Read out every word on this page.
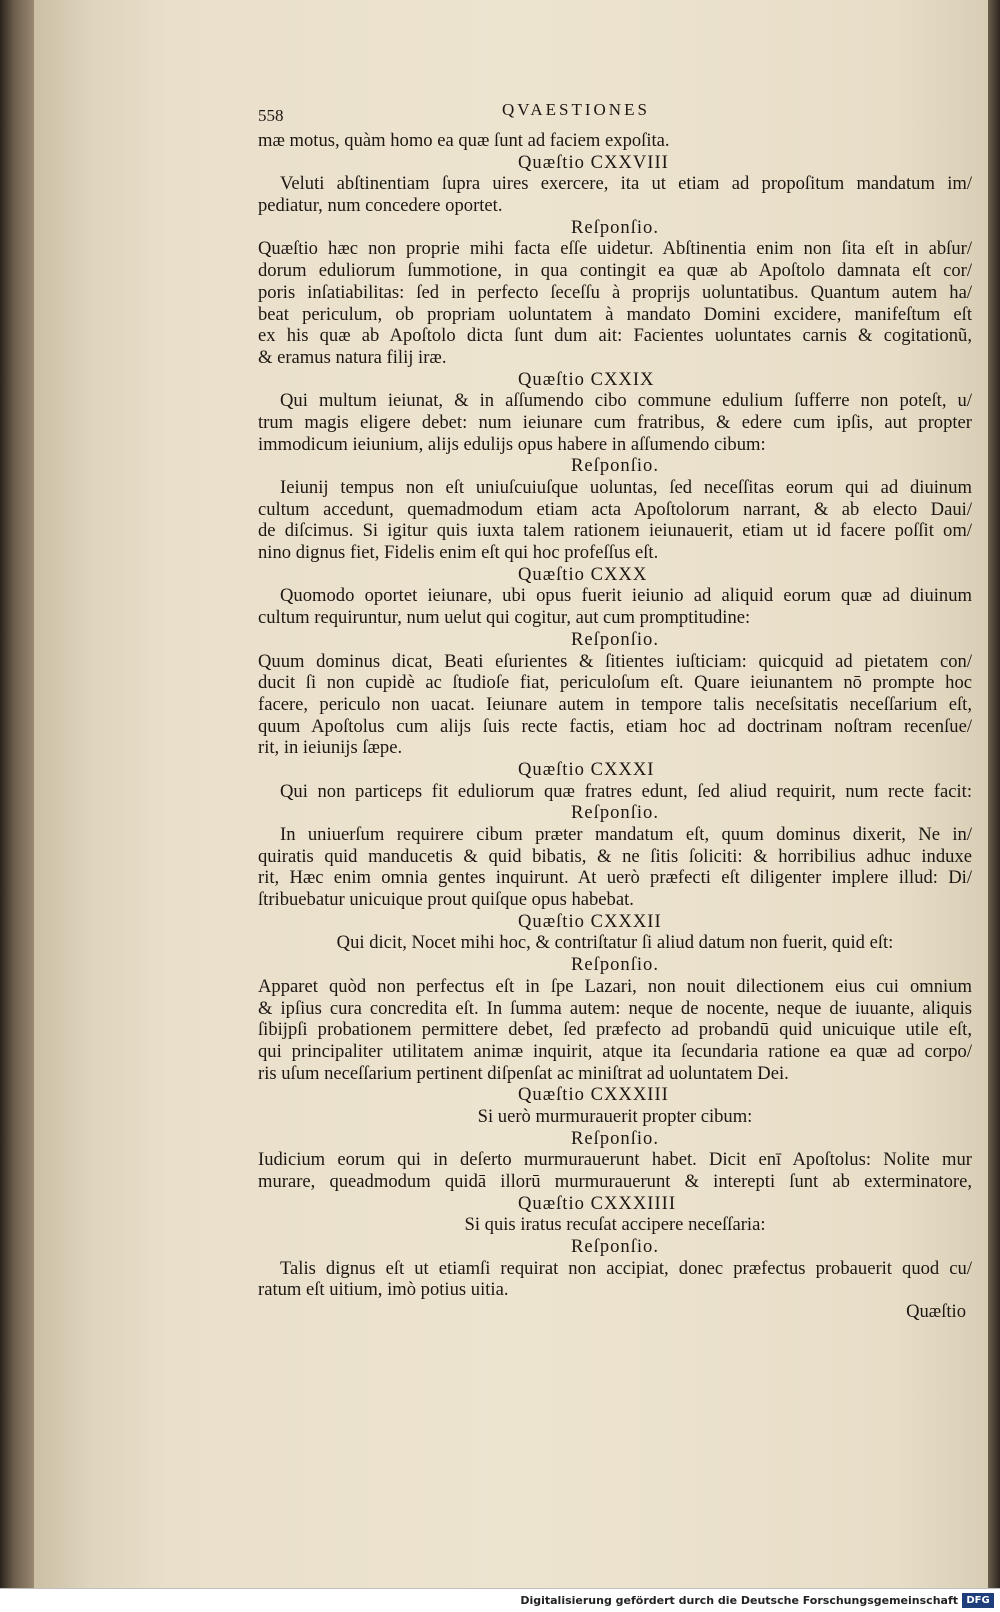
558	QVAESTIONES
mæ motus, quàm homo ea quæ ſunt ad faciem expoſita.
Quæſtio CXXVIII
Veluti abſtinentiam ſupra uires exercere, ita ut etiam ad propoſitum mandatum im/
pediatur, num concedere oportet.
Reſponſio.
Quæſtio hæc non proprie mihi facta eſſe uidetur. Abſtinentia enim non ſita eſt in abſur/
dorum eduliorum ſummotione, in qua contingit ea quæ ab Apoſtolo damnata eſt cor/
poris inſatiabilitas: ſed in perfecto ſeceſſu à proprijs uoluntatibus. Quantum autem ha/
beat periculum, ob propriam uoluntatem à mandato Domini excidere, manifeſtum eſt
ex his quæ ab Apoſtolo dicta ſunt dum ait: Facientes uoluntates carnis & cogitationũ,
& eramus natura filij iræ.
Quæſtio CXXIX
Qui multum ieiunat, & in aſſumendo cibo commune edulium ſufferre non poteſt, u/
trum magis eligere debet: num ieiunare cum fratribus, & edere cum ipſis, aut propter
immodicum ieiunium, alijs edulijs opus habere in aſſumendo cibum:
Reſponſio.
Ieiunij tempus non eſt uniuſcuiuſque uoluntas, ſed neceſſitas eorum qui ad diuinum
cultum accedunt, quemadmodum etiam acta Apoſtolorum narrant, & ab electo Daui/
de diſcimus. Si igitur quis iuxta talem rationem ieiunauerit, etiam ut id facere poſſit om/
nino dignus fiet, Fidelis enim eſt qui hoc profeſſus eſt.
Quæſtio CXXX
Quomodo oportet ieiunare, ubi opus fuerit ieiunio ad aliquid eorum quæ ad diuinum
cultum requiruntur, num uelut qui cogitur, aut cum promptitudine:
Reſponſio.
Quum dominus dicat, Beati eſurientes & ſitientes iuſticiam: quicquid ad pietatem con/
ducit ſi non cupidè ac ſtudioſe fiat, periculoſum eſt. Quare ieiunantem nō prompte hoc
facere, periculo non uacat. Ieiunare autem in tempore talis neceſsitatis neceſſarium eſt,
quum Apoſtolus cum alijs ſuis recte factis, etiam hoc ad doctrinam noſtram recenſue/
rit, in ieiunijs ſæpe.
Quæſtio CXXXI
Qui non particeps fit eduliorum quæ fratres edunt, ſed aliud requirit, num recte facit:
Reſponſio.
In uniuerſum requirere cibum præter mandatum eſt, quum dominus dixerit, Ne in/
quiratis quid manducetis & quid bibatis, & ne ſitis ſoliciti: & horribilius adhuc induxe
rit, Hæc enim omnia gentes inquirunt. At uerò præfecti eſt diligenter implere illud: Di/
ſtribuebatur unicuique prout quiſque opus habebat.
Quæſtio CXXXII
Qui dicit, Nocet mihi hoc, & contriſtatur ſi aliud datum non fuerit, quid eſt:
Reſponſio.
Apparet quòd non perfectus eſt in ſpe Lazari, non nouit dilectionem eius cui omnium
& ipſius cura concredita eſt. In ſumma autem: neque de nocente, neque de iuuante, aliquis
ſibijpſi probationem permittere debet, ſed præfecto ad probandū quid unicuique utile eſt,
qui principaliter utilitatem animæ inquirit, atque ita ſecundaria ratione ea quæ ad corpo/
ris uſum neceſſarium pertinent diſpenſat ac miniſtrat ad uoluntatem Dei.
Quæſtio CXXXIII
Si uerò murmurauerit propter cibum:
Reſponſio.
Iudicium eorum qui in deſerto murmurauerunt habet. Dicit enī Apoſtolus: Nolite mur
murare, queadmodum quidā illorū murmurauerunt & interepti ſunt ab exterminatore,
Quæſtio CXXXIIII
Si quis iratus recuſat accipere neceſſaria:
Reſponſio.
Talis dignus eſt ut etiamſi requirat non accipiat, donec præfectus probauerit quod cu/
ratum eſt uitium, imò potius uitia.
Quæſtio
Digitalisierung gefördert durch die Deutsche Forschungsgemeinschaft DFG
